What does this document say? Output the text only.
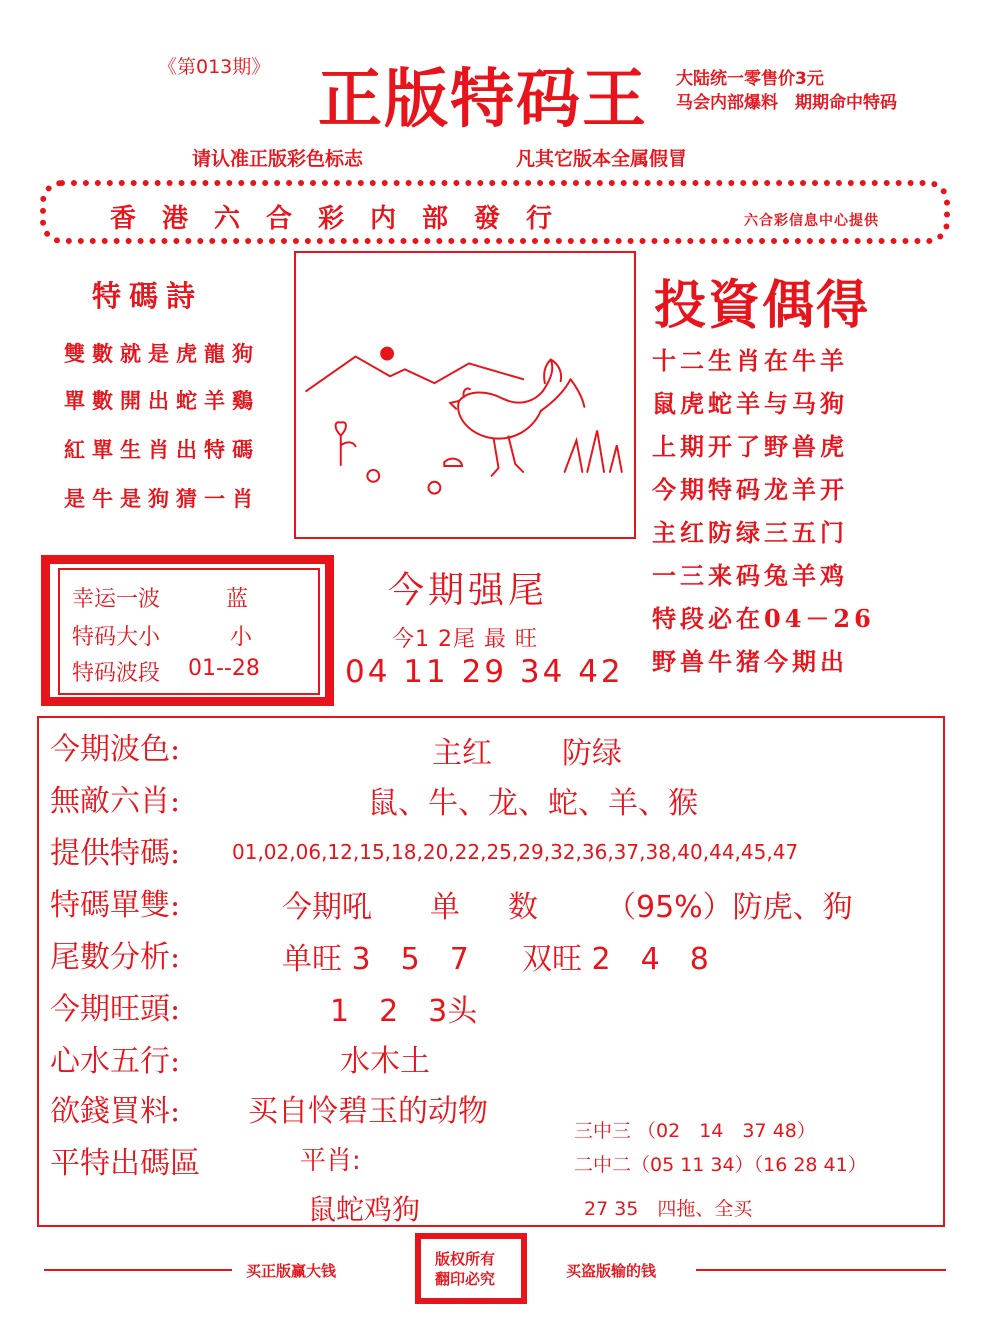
《第013期》 正版特码王 大陆统一零售价3元
马会内部爆料　期期命中特码
请认准正版彩色标志	凡其它版本全属假冒
香港六合彩内部發行	六合彩信息中心提供
特碼詩
雙數就是虎龍狗
單數開出蛇羊鷄
紅單生肖出特碼
是牛是狗猜一肖
投資偶得
十二生肖在牛羊
鼠虎蛇羊与马狗
上期开了野兽虎
今期特码龙羊开
主红防绿三五门
一三来码兔羊鸡
特段必在04－26
野兽牛猪今期出
幸运一波	蓝
特码大小	小
特码波段 01--28
今期强尾
今1 2尾 最 旺
04 11 29 34 42
今期波色:	主红 防绿
無敵六肖:	鼠、牛、龙、蛇、羊、猴
提供特碼:	01,02,06,12,15,18,20,22,25,29,32,36,37,38,40,44,45,47
特碼單雙:	今期吼 单 数 （95%）防虎、狗
尾數分析:	单旺 3　5　7 双旺 2　4　8
今期旺頭:	1　2　3头
心水五行:	水木土
欲錢買料: 买自怜碧玉的动物
平特出碼區	平肖:
鼠蛇鸡狗
三中三 （02　14　37 48）
二中二（05 11 34）（16 28 41）
27 35　四拖、全买
买正版赢大钱	买盗版输的钱
版权所有
翻印必究
